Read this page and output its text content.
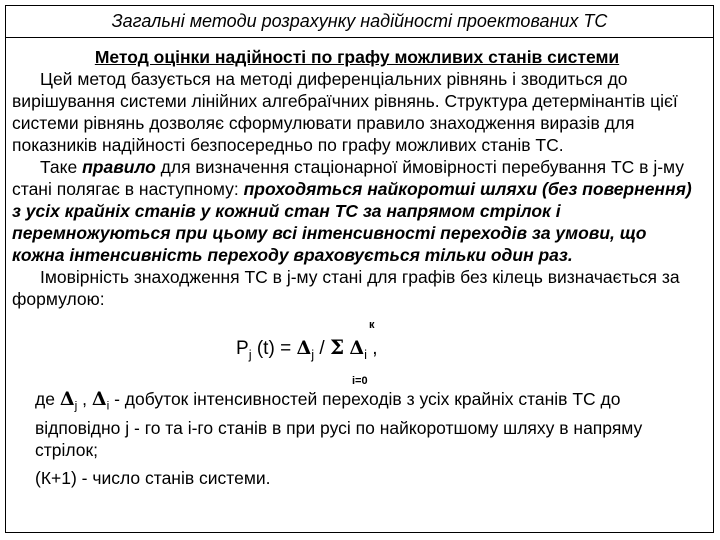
Загальні методи розрахунку надійності проектованих ТС

Метод оцінки надійності по графу можливих станів системи

Цей метод базується на методі диференціальних рівнянь і зводиться до вирішування системи лінійних алгебраїчних рівнянь. Структура детермінантів цієї системи рівнянь дозволяє сформулювати правило знаходження виразів для показників надійності безпосередньо по графу можливих станів ТС.

Таке правило для визначення стаціонарної ймовірності перебування ТС в j-му стані полягає в наступному: проходяться найкоротші шляхи (без повернення) з усіх крайніх станів у кожний стан ТС за напрямом стрілок і перемножуються при цьому всі інтенсивності переходів за умови, що кожна інтенсивність переходу враховується тільки один раз.

Імовірність знаходження ТС в j-му стані для графів без кілець визначається за формулою:

к
$P_j$ $(t) = \Delta_j / \Sigma$ $\Delta_i$ ,
i=0

де $\Delta_j$ , $\Delta_i$ - добуток інтенсивностей переходів з усіх крайніх станів ТС до відповідно j - го та і-го станів в при русі по найкоротшому шляху в напряму стрілок;

(К+1) - число станів системи.
